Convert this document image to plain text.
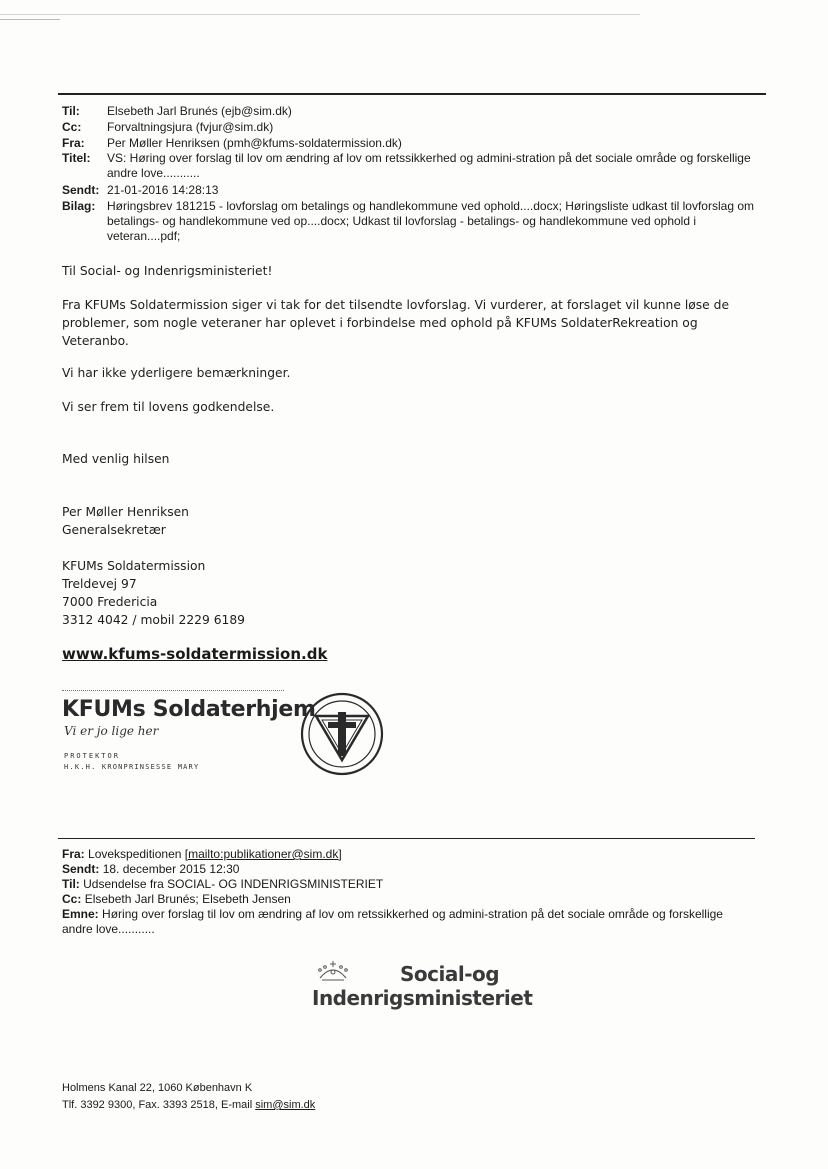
Til: Elsebeth Jarl Brunés (ejb@sim.dk)
Cc: Forvaltningsjura (fvjur@sim.dk)
Fra: Per Møller Henriksen (pmh@kfums-soldatermission.dk)
Titel: VS: Høring over forslag til lov om ændring af lov om retssikkerhed og admini-stration på det sociale område og forskellige andre love...........
Sendt: 21-01-2016 14:28:13
Bilag: Høringsbrev 181215 - lovforslag om betalings og handlekommune ved ophold....docx; Høringsliste udkast til lovforslag om betalings- og handlekommune ved op....docx; Udkast til lovforslag - betalings- og handlekommune ved ophold i veteran....pdf;
Til Social- og Indenrigsministeriet!
Fra KFUMs Soldatermission siger vi tak for det tilsendte lovforslag. Vi vurderer, at forslaget vil kunne løse de problemer, som nogle veteraner har oplevet i forbindelse med ophold på KFUMs SoldaterRekreation og Veteranbo.
Vi har ikke yderligere bemærkninger.
Vi ser frem til lovens godkendelse.
Med venlig hilsen
Per Møller Henriksen
Generalsekretær
KFUMs Soldatermission
Treldevej 97
7000 Fredericia
3312 4042 / mobil 2229 6189
www.kfums-soldatermission.dk
KFUMs Soldaterhjem
Vi er jo lige her
PROTEKTOR
H.K.H. KRONPRINSESSE MARY
Fra: Lovekspeditionen [mailto:publikationer@sim.dk]
Sendt: 18. december 2015 12:30
Til: Udsendelse fra SOCIAL- OG INDENRIGSMINISTERIET
Cc: Elsebeth Jarl Brunés; Elsebeth Jensen
Emne: Høring over forslag til lov om ændring af lov om retssikkerhed og admini-stration på det sociale område og forskellige andre love...........
Social-og
Indenrigsministeriet
Holmens Kanal 22, 1060 København K
Tlf. 3392 9300, Fax. 3393 2518, E-mail sim@sim.dk
